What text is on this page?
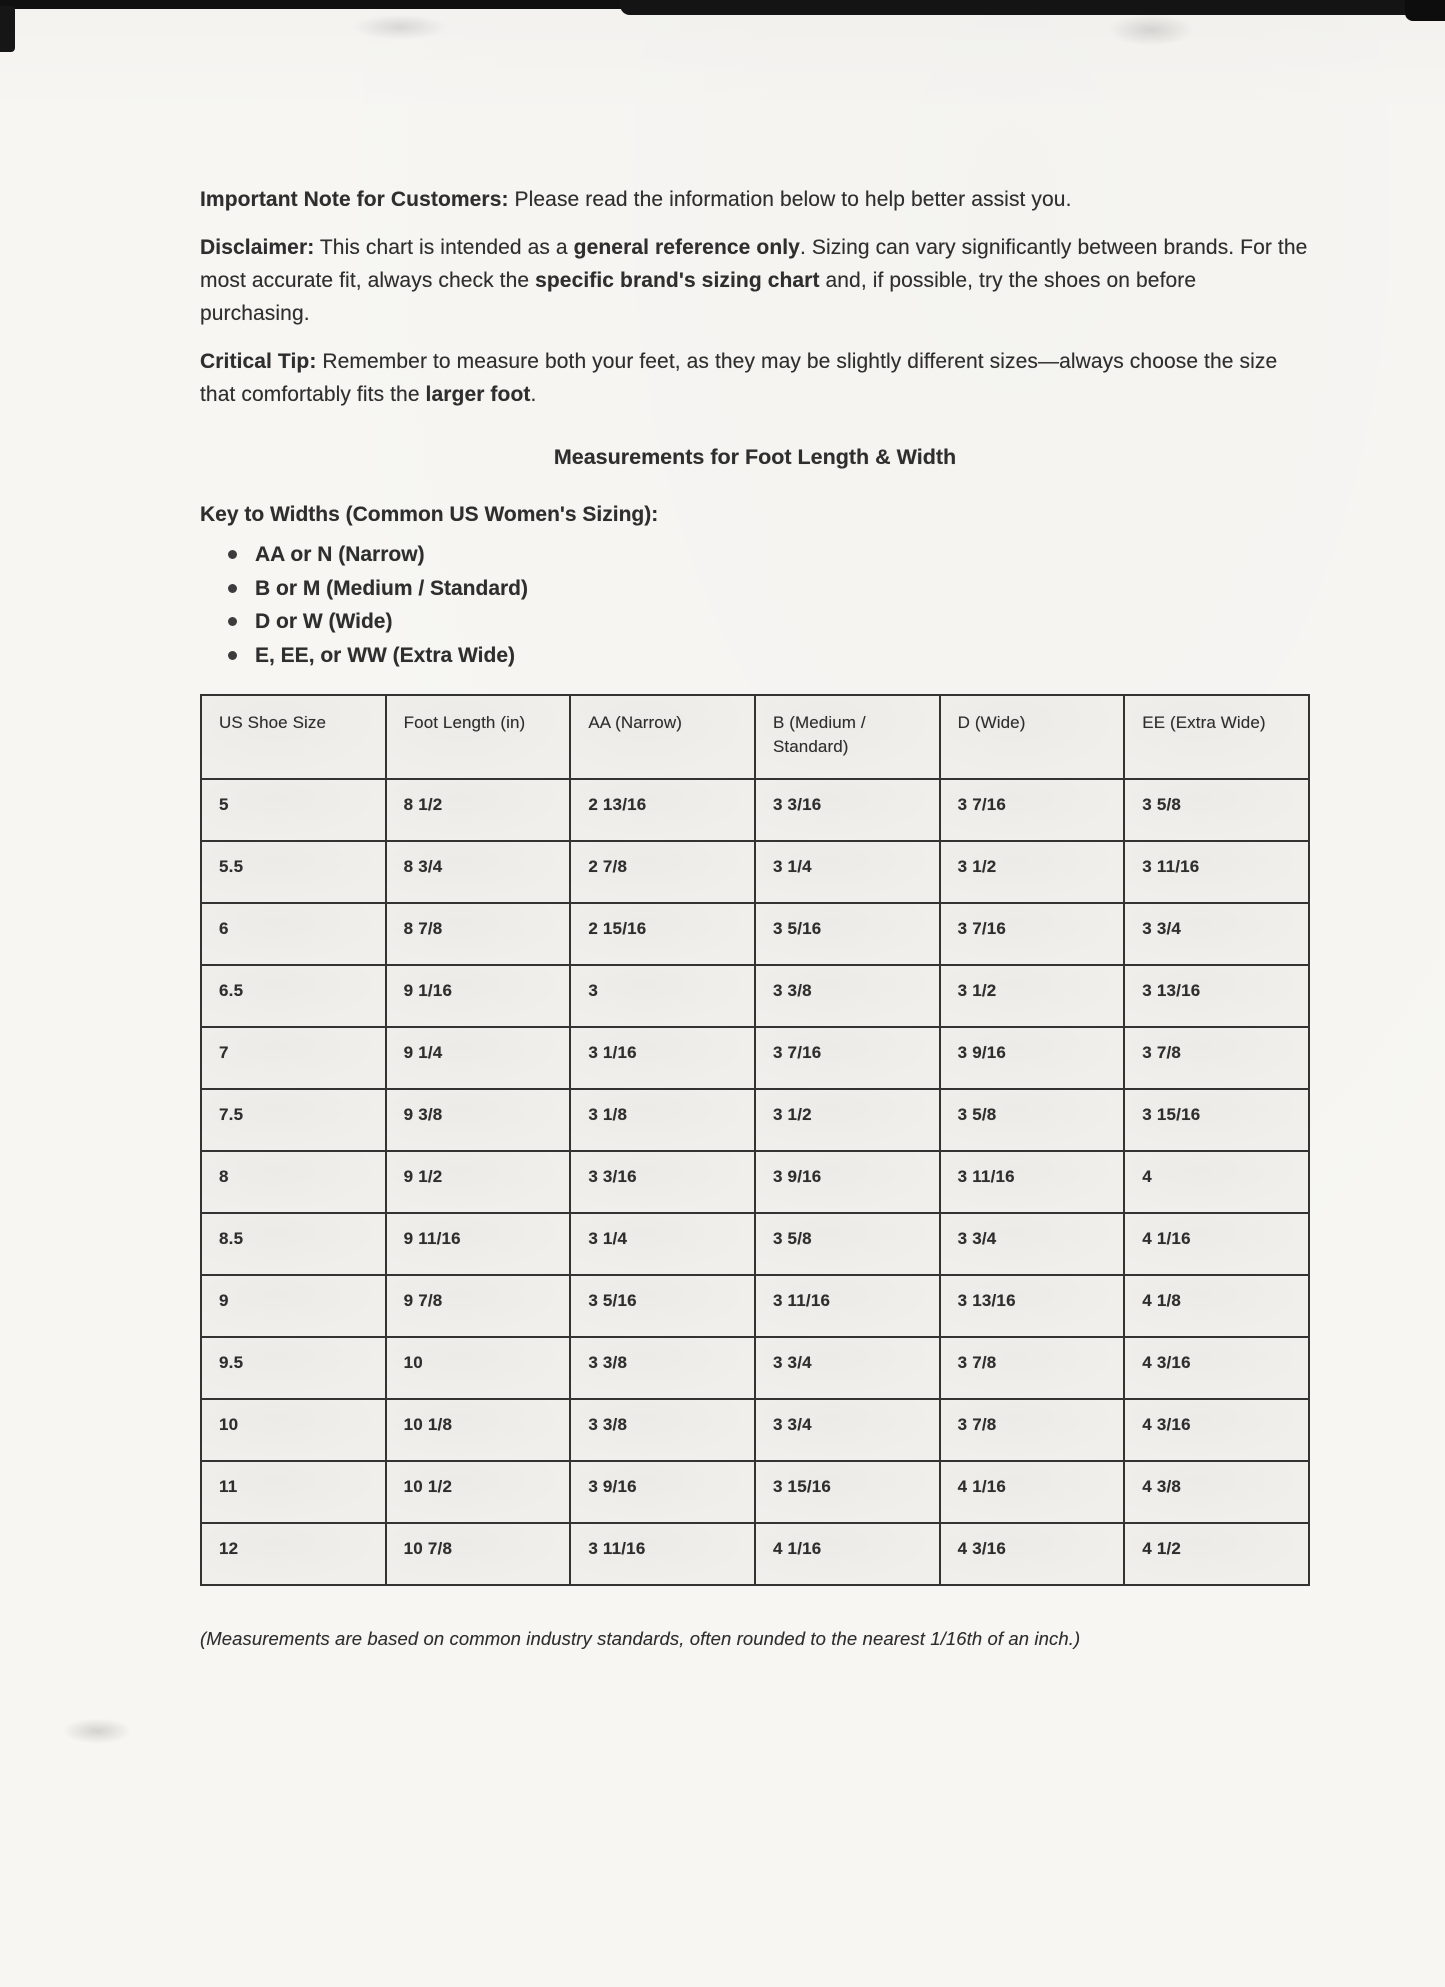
Important Note for Customers: Please read the information below to help better assist you.

Disclaimer: This chart is intended as a general reference only. Sizing can vary significantly between brands. For the most accurate fit, always check the specific brand's sizing chart and, if possible, try the shoes on before purchasing.

Critical Tip: Remember to measure both your feet, as they may be slightly different sizes—always choose the size that comfortably fits the larger foot.

Measurements for Foot Length & Width

Key to Widths (Common US Women's Sizing):

AA or N (Narrow)
B or M (Medium / Standard)
D or W (Wide)
E, EE, or WW (Extra Wide)
US Shoe Size	Foot Length (in)	AA (Narrow)	B (Medium / Standard)	D (Wide)	EE (Extra Wide)
5	8 1/2	2 13/16	3 3/16	3 7/16	3 5/8
5.5	8 3/4	2 7/8	3 1/4	3 1/2	3 11/16
6	8 7/8	2 15/16	3 5/16	3 7/16	3 3/4
6.5	9 1/16	3	3 3/8	3 1/2	3 13/16
7	9 1/4	3 1/16	3 7/16	3 9/16	3 7/8
7.5	9 3/8	3 1/8	3 1/2	3 5/8	3 15/16
8	9 1/2	3 3/16	3 9/16	3 11/16	4
8.5	9 11/16	3 1/4	3 5/8	3 3/4	4 1/16
9	9 7/8	3 5/16	3 11/16	3 13/16	4 1/8
9.5	10	3 3/8	3 3/4	3 7/8	4 3/16
10	10 1/8	3 3/8	3 3/4	3 7/8	4 3/16
11	10 1/2	3 9/16	3 15/16	4 1/16	4 3/8
12	10 7/8	3 11/16	4 1/16	4 3/16	4 1/2

(Measurements are based on common industry standards, often rounded to the nearest 1/16th of an inch.)
